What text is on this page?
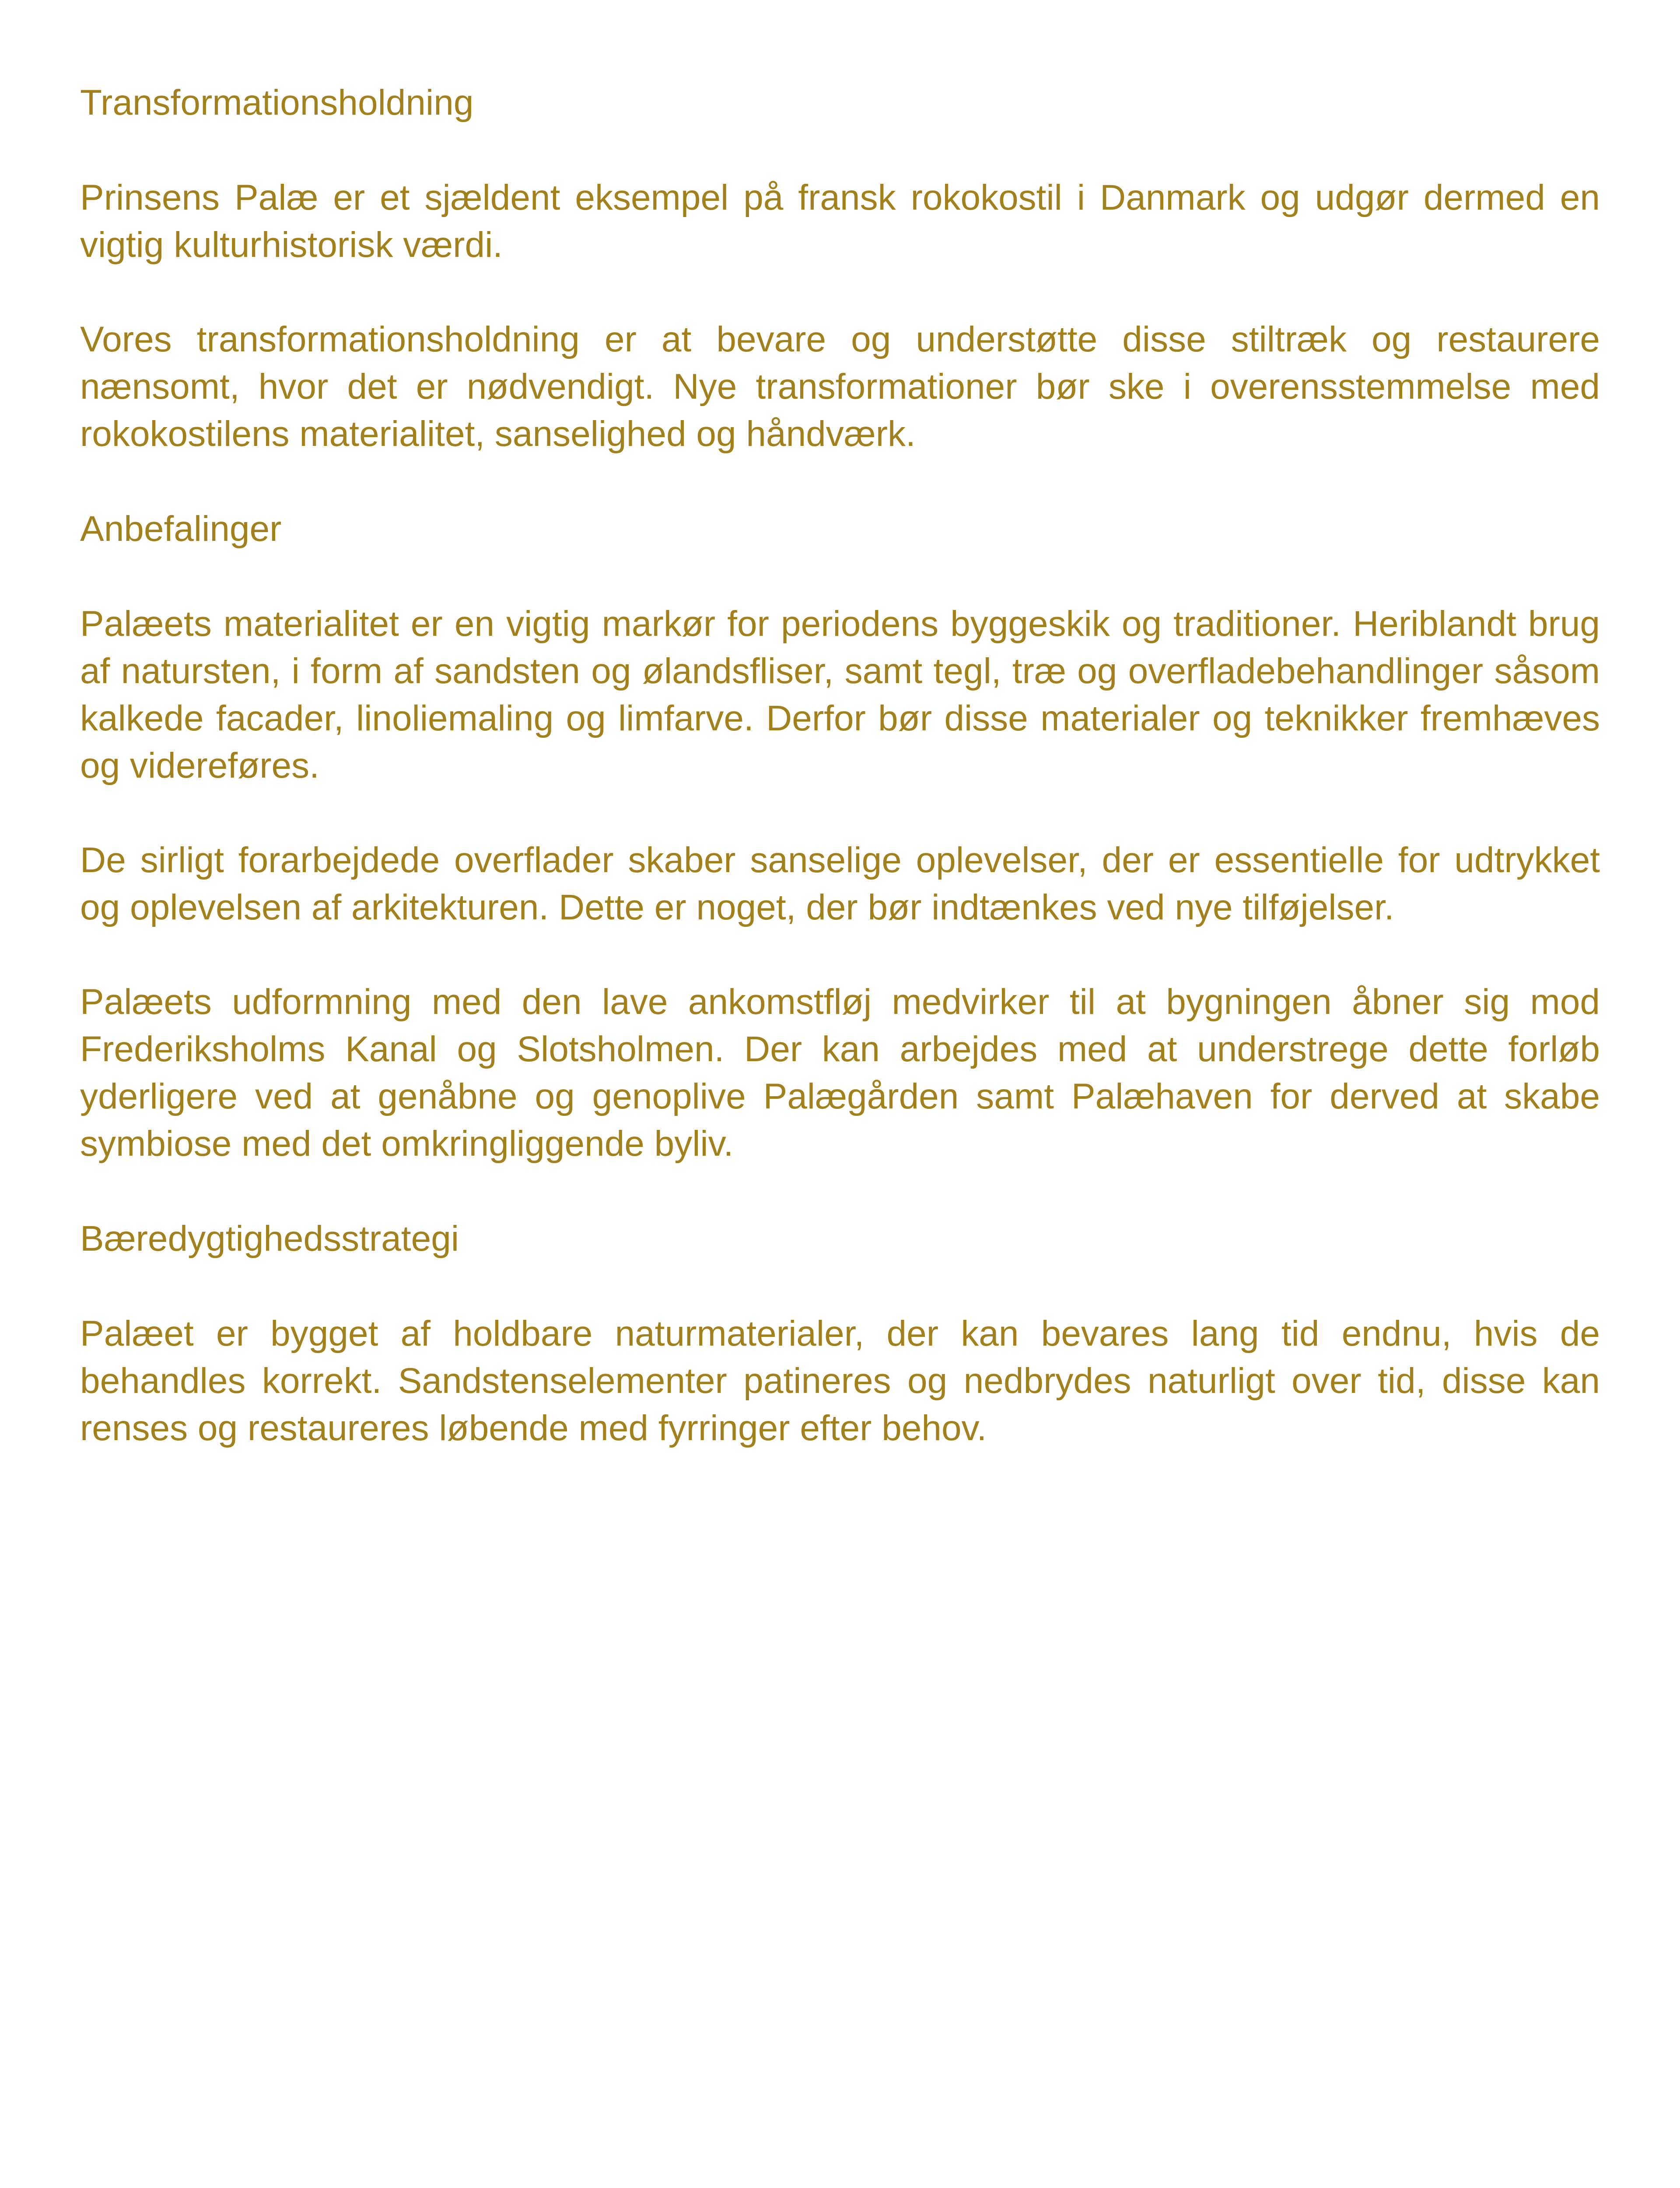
Transformationsholdning

Prinsens Palæ er et sjældent eksempel på fransk rokokostil i Danmark og udgør dermed en vigtig kulturhistorisk værdi.

Vores transformationsholdning er at bevare og understøtte disse stiltræk og restaurere nænsomt, hvor det er nødvendigt. Nye transformationer bør ske i overensstemmelse med rokokostilens materialitet, sanselighed og håndværk.

Anbefalinger

Palæets materialitet er en vigtig markør for periodens byggeskik og traditioner. Heriblandt brug af natursten, i form af sandsten og ølandsfliser, samt tegl, træ og overfladebehandlinger såsom kalkede facader, linoliemaling og limfarve. Derfor bør disse materialer og teknikker fremhæves og videreføres.

De sirligt forarbejdede overflader skaber sanselige oplevelser, der er essentielle for udtrykket og oplevelsen af arkitekturen. Dette er noget, der bør indtænkes ved nye tilføjelser.

Palæets udformning med den lave ankomstfløj medvirker til at bygningen åbner sig mod Frederiksholms Kanal og Slotsholmen. Der kan arbejdes med at understrege dette forløb yderligere ved at genåbne og genoplive Palægården samt Palæhaven for derved at skabe symbiose med det omkringliggende byliv.

Bæredygtighedsstrategi

Palæet er bygget af holdbare naturmaterialer, der kan bevares lang tid endnu, hvis de behandles korrekt. Sandstenselementer patineres og nedbrydes naturligt over tid, disse kan renses og restaureres løbende med fyrringer efter behov.
